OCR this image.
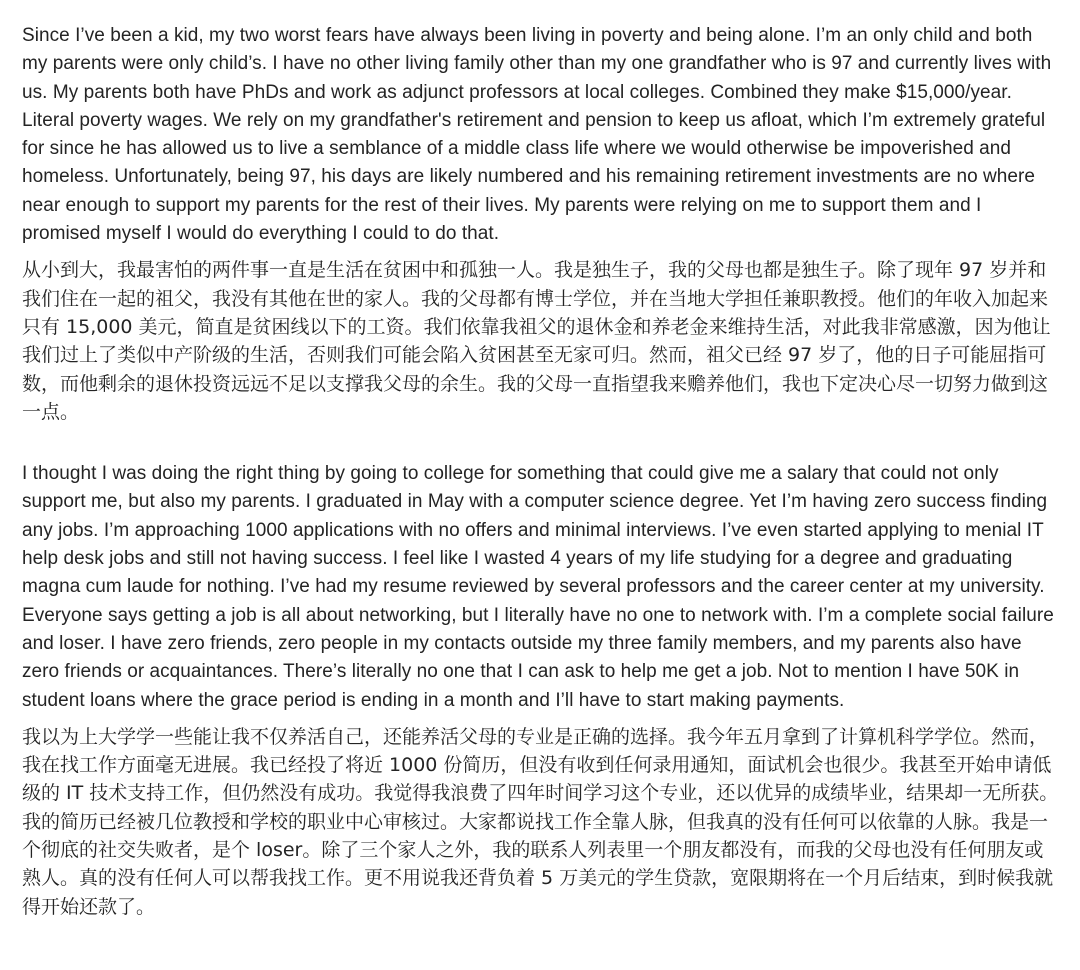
Since I’ve been a kid, my two worst fears have always been living in poverty and being alone. I’m an only child and both my parents were only child’s. I have no other living family other than my one grandfather who is 97 and currently lives with us. My parents both have PhDs and work as adjunct professors at local colleges. Combined they make $15,000/year. Literal poverty wages. We rely on my grandfather's retirement and pension to keep us afloat, which I’m extremely grateful for since he has allowed us to live a semblance of a middle class life where we would otherwise be impoverished and homeless. Unfortunately, being 97, his days are likely numbered and his remaining retirement investments are no where near enough to support my parents for the rest of their lives. My parents were relying on me to support them and I promised myself I would do everything I could to do that.

从小到大，我最害怕的两件事一直是生活在贫困中和孤独一人。我是独生子，我的父母也都是独生子。除了现年 97 岁并和我们住在一起的祖父，我没有其他在世的家人。我的父母都有博士学位，并在当地大学担任兼职教授。他们的年收入加起来只有 15,000 美元，简直是贫困线以下的工资。我们依靠我祖父的退休金和养老金来维持生活，对此我非常感激，因为他让我们过上了类似中产阶级的生活，否则我们可能会陷入贫困甚至无家可归。然而，祖父已经 97 岁了，他的日子可能屈指可数，而他剩余的退休投资远远不足以支撑我父母的余生。我的父母一直指望我来赡养他们，我也下定决心尽一切努力做到这一点。

I thought I was doing the right thing by going to college for something that could give me a salary that could not only support me, but also my parents. I graduated in May with a computer science degree. Yet I’m having zero success finding any jobs. I’m approaching 1000 applications with no offers and minimal interviews. I’ve even started applying to menial IT help desk jobs and still not having success. I feel like I wasted 4 years of my life studying for a degree and graduating magna cum laude for nothing. I’ve had my resume reviewed by several professors and the career center at my university. Everyone says getting a job is all about networking, but I literally have no one to network with. I’m a complete social failure and loser. I have zero friends, zero people in my contacts outside my three family members, and my parents also have zero friends or acquaintances. There’s literally no one that I can ask to help me get a job. Not to mention I have 50K in student loans where the grace period is ending in a month and I’ll have to start making payments.

我以为上大学学一些能让我不仅养活自己，还能养活父母的专业是正确的选择。我今年五月拿到了计算机科学学位。然而，我在找工作方面毫无进展。我已经投了将近 1000 份简历，但没有收到任何录用通知，面试机会也很少。我甚至开始申请低级的 IT 技术支持工作，但仍然没有成功。我觉得我浪费了四年时间学习这个专业，还以优异的成绩毕业，结果却一无所获。我的简历已经被几位教授和学校的职业中心审核过。大家都说找工作全靠人脉，但我真的没有任何可以依靠的人脉。我是一个彻底的社交失败者，是个 loser。除了三个家人之外，我的联系人列表里一个朋友都没有，而我的父母也没有任何朋友或熟人。真的没有任何人可以帮我找工作。更不用说我还背负着 5 万美元的学生贷款，宽限期将在一个月后结束，到时候我就得开始还款了。
